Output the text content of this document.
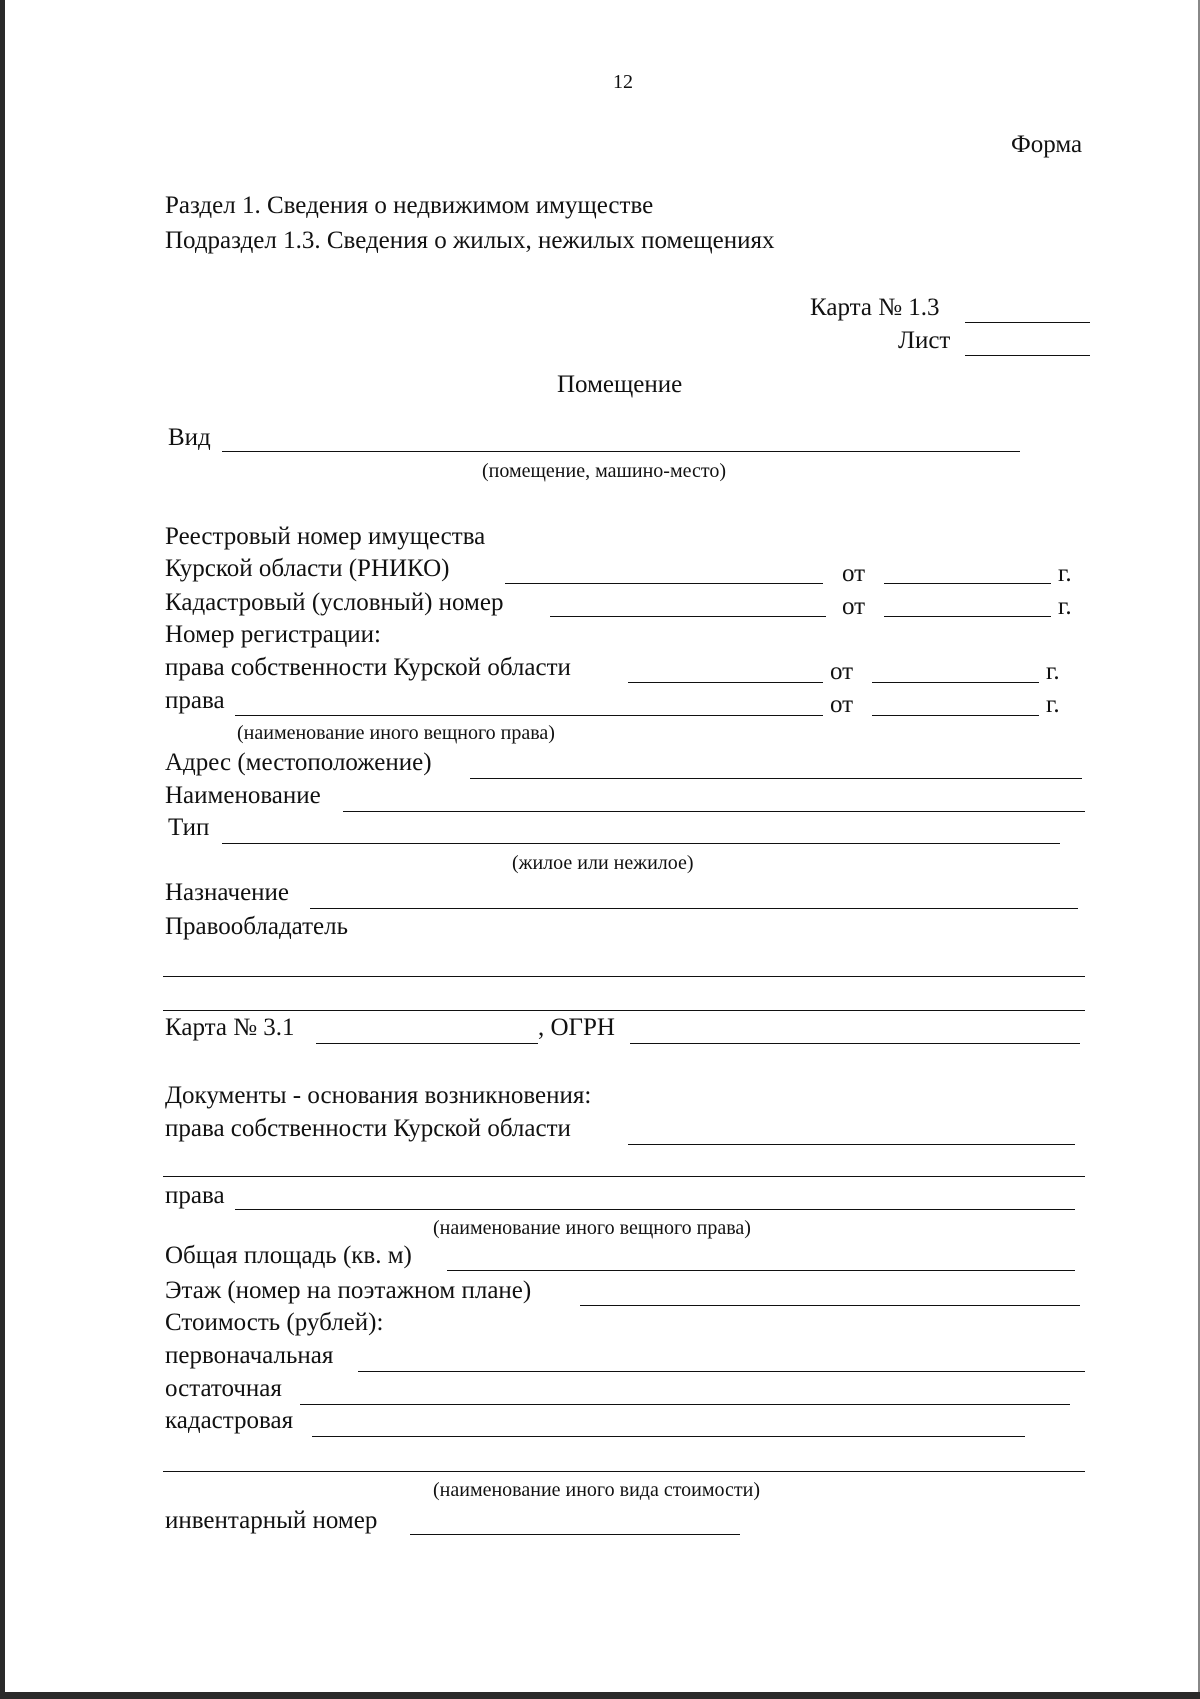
12
Форма
Раздел 1. Сведения о недвижимом имуществе
Подраздел 1.3. Сведения о жилых, нежилых помещениях
Карта № 1.3
Лист
Помещение
Вид
(помещение, машино-место)
Реестровый номер имущества
Курской области (РНИКО)	от	г.
Кадастровый (условный) номер	от	г.
Номер регистрации:
права собственности Курской области	от	г.
права	от	г.
(наименование иного вещного права)
Адрес (местоположение)
Наименование
Тип
(жилое или нежилое)
Назначение
Правообладатель
Карта № 3.1	, ОГРН
Документы - основания возникновения:
права собственности Курской области
права
(наименование иного вещного права)
Общая площадь (кв. м)
Этаж (номер на поэтажном плане)
Стоимость (рублей):
первоначальная
остаточная
кадастровая
(наименование иного вида стоимости)
инвентарный номер
